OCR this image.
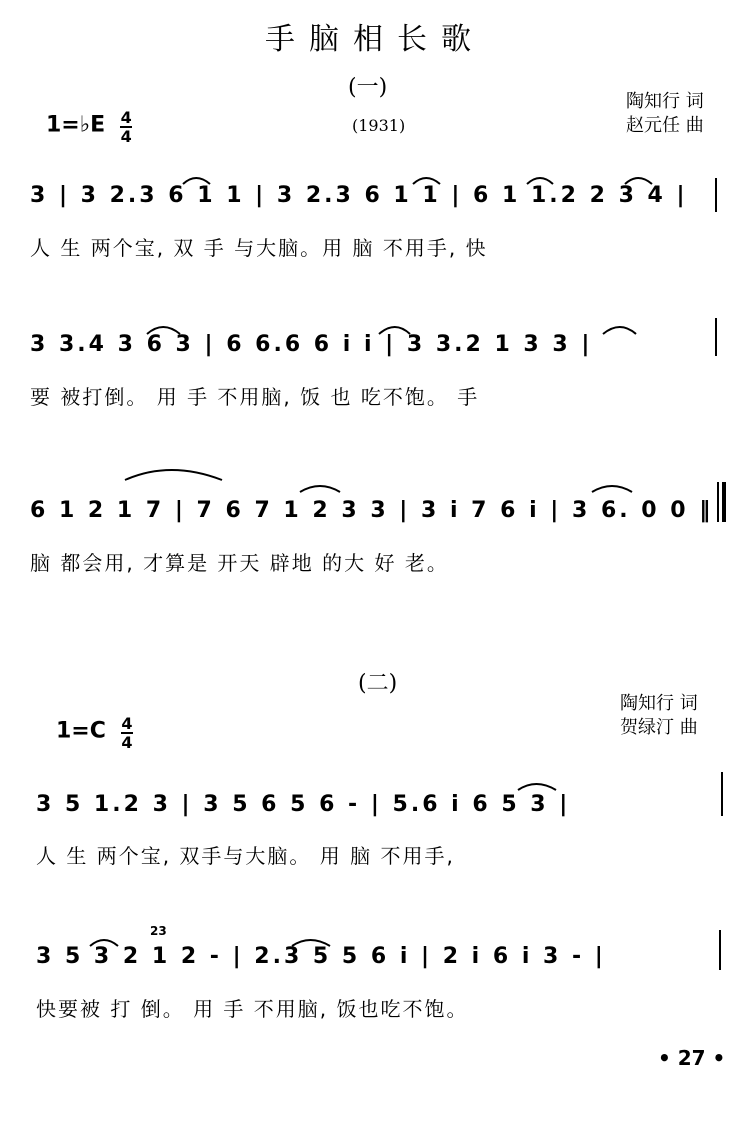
手脑相长歌
(一)
陶知行 词
赵元任 曲
1=♭E $\frac{4}{4}$	(1931)
3 | 3 2.3 6 1 1 | 3 2.3 6 1 1 | 6 1 1.2 2 3 4 |
人 生 两个宝, 双 手 与大脑。用 脑 不用手, 快
3 3.4 3 6 3 | 6 6.6 6 i i | 3 3.2 1 3 3 |
要 被打倒。 用 手 不用脑, 饭 也 吃不饱。 手
6 1 2 1 7 | 7 6 7 1 2 3 3 | 3 i 7 6 i | 3 6. 0 0 ‖
脑 都会用, 才算是 开天 辟地 的大 好 老。
(二)
陶知行 词
贺绿汀 曲
$1=C \frac{4}{4}$
3 5 1.2 3 | 3 5 6 5 6 - | 5.6 i 6 5 3 |
人 生 两个宝, 双手与大脑。 用 脑 不用手,
23
3 5 3 2 1 2 - | 2.3 5 5 6 i | 2 i 6 i 3 - |
快要被 打 倒。 用 手 不用脑, 饭也吃不饱。
• 27 •
